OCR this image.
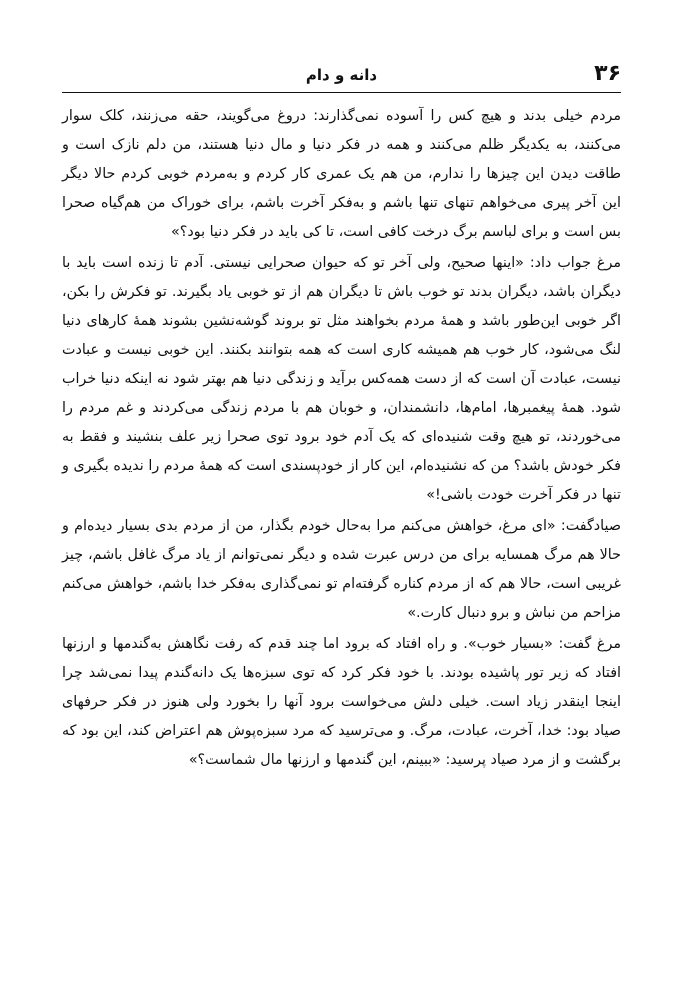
۳۶
دانه و دام

مردم خیلی بدند و هیچ کس را آسوده نمی‌گذارند: دروغ می‌گویند، حقه می‌زنند، کلک سوار می‌کنند، به یکدیگر ظلم می‌کنند و همه در فکر دنیا و مال دنیا هستند، من دلم نازک است و طاقت دیدن این چیزها را ندارم، من هم یک عمری کار کردم و به‌مردم خوبی کردم حالا دیگر این آخر پیری می‌خواهم تنهای تنها باشم و به‌فکر آخرت باشم، برای خوراک من هم‌گیاه صحرا بس است و برای لباسم برگ درخت کافی است، تا کی باید در فکر دنیا بود؟»

مرغ جواب داد: «اینها صحیح، ولی آخر تو که حیوان صحرایی نیستی. آدم تا زنده است باید با دیگران باشد، دیگران بدند تو خوب باش تا دیگران هم از تو خوبی یاد بگیرند. تو فکرش را بکن، اگر خوبی این‌طور باشد و همهٔ مردم بخواهند مثل تو بروند گوشه‌نشین بشوند همهٔ کارهای دنیا لنگ می‌شود، کار خوب هم همیشه کاری است که همه بتوانند بکنند. این خوبی نیست و عبادت نیست، عبادت آن است که از دست همه‌کس برآید و زندگی دنیا هم بهتر شود نه اینکه دنیا خراب شود. همهٔ پیغمبرها، امام‌ها، دانشمندان، و خوبان هم با مردم زندگی می‌کردند و غم مردم را می‌خوردند، تو هیچ وقت شنیده‌ای که یک آدم خود برود توی صحرا زیر علف بنشیند و فقط به فکر خودش باشد؟ من که نشنیده‌ام، این کار از خودپسندی است که همهٔ مردم را ندیده بگیری و تنها در فکر آخرت خودت باشی!»

صیادگفت: «ای مرغ، خواهش می‌کنم مرا به‌حال خودم بگذار، من از مردم بدی بسیار دیده‌ام و حالا هم مرگ همسایه برای من درس عبرت شده و دیگر نمی‌توانم از یاد مرگ غافل باشم، چیز غریبی است، حالا هم که از مردم کناره گرفته‌ام تو نمی‌گذاری به‌فکر خدا باشم، خواهش می‌کنم مزاحم من نباش و برو دنبال کارت.»

مرغ گفت: «بسیار خوب». و راه افتاد که برود اما چند قدم که رفت نگاهش به‌گندمها و ارزنها افتاد که زیر تور پاشیده بودند. با خود فکر کرد که توی سبزه‌ها یک دانه‌گندم پیدا نمی‌شد چرا اینجا اینقدر زیاد است. خیلی دلش می‌خواست برود آنها را بخورد ولی هنوز در فکر حرفهای صیاد بود: خدا، آخرت، عبادت، مرگ. و می‌ترسید که مرد سبزه‌پوش هم اعتراض کند، این بود که برگشت و از مرد صیاد پرسید: «ببینم، این گندمها و ارزنها مال شماست؟»
